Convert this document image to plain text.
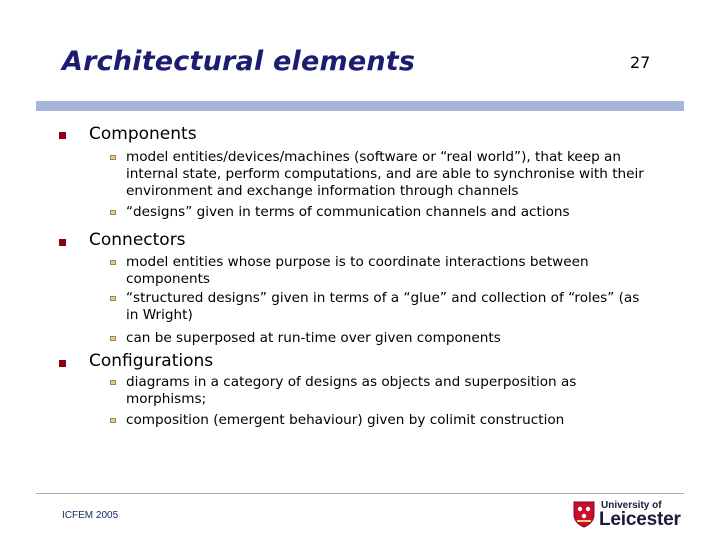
Architectural elements	27
Components
model entities/devices/machines (software or “real world”), that keep an internal state, perform computations, and are able to synchronise with their environment and exchange information through channels
“designs” given in terms of communication channels and actions
Connectors
model entities whose purpose is to coordinate interactions between components
“structured designs” given in terms of a “glue” and collection of “roles” (as in Wright)
can be superposed at run-time over given components
Configurations
diagrams in a category of designs as objects and superposition as morphisms;
composition (emergent behaviour) given by colimit construction
ICFEM 2005
University of
Leicester
